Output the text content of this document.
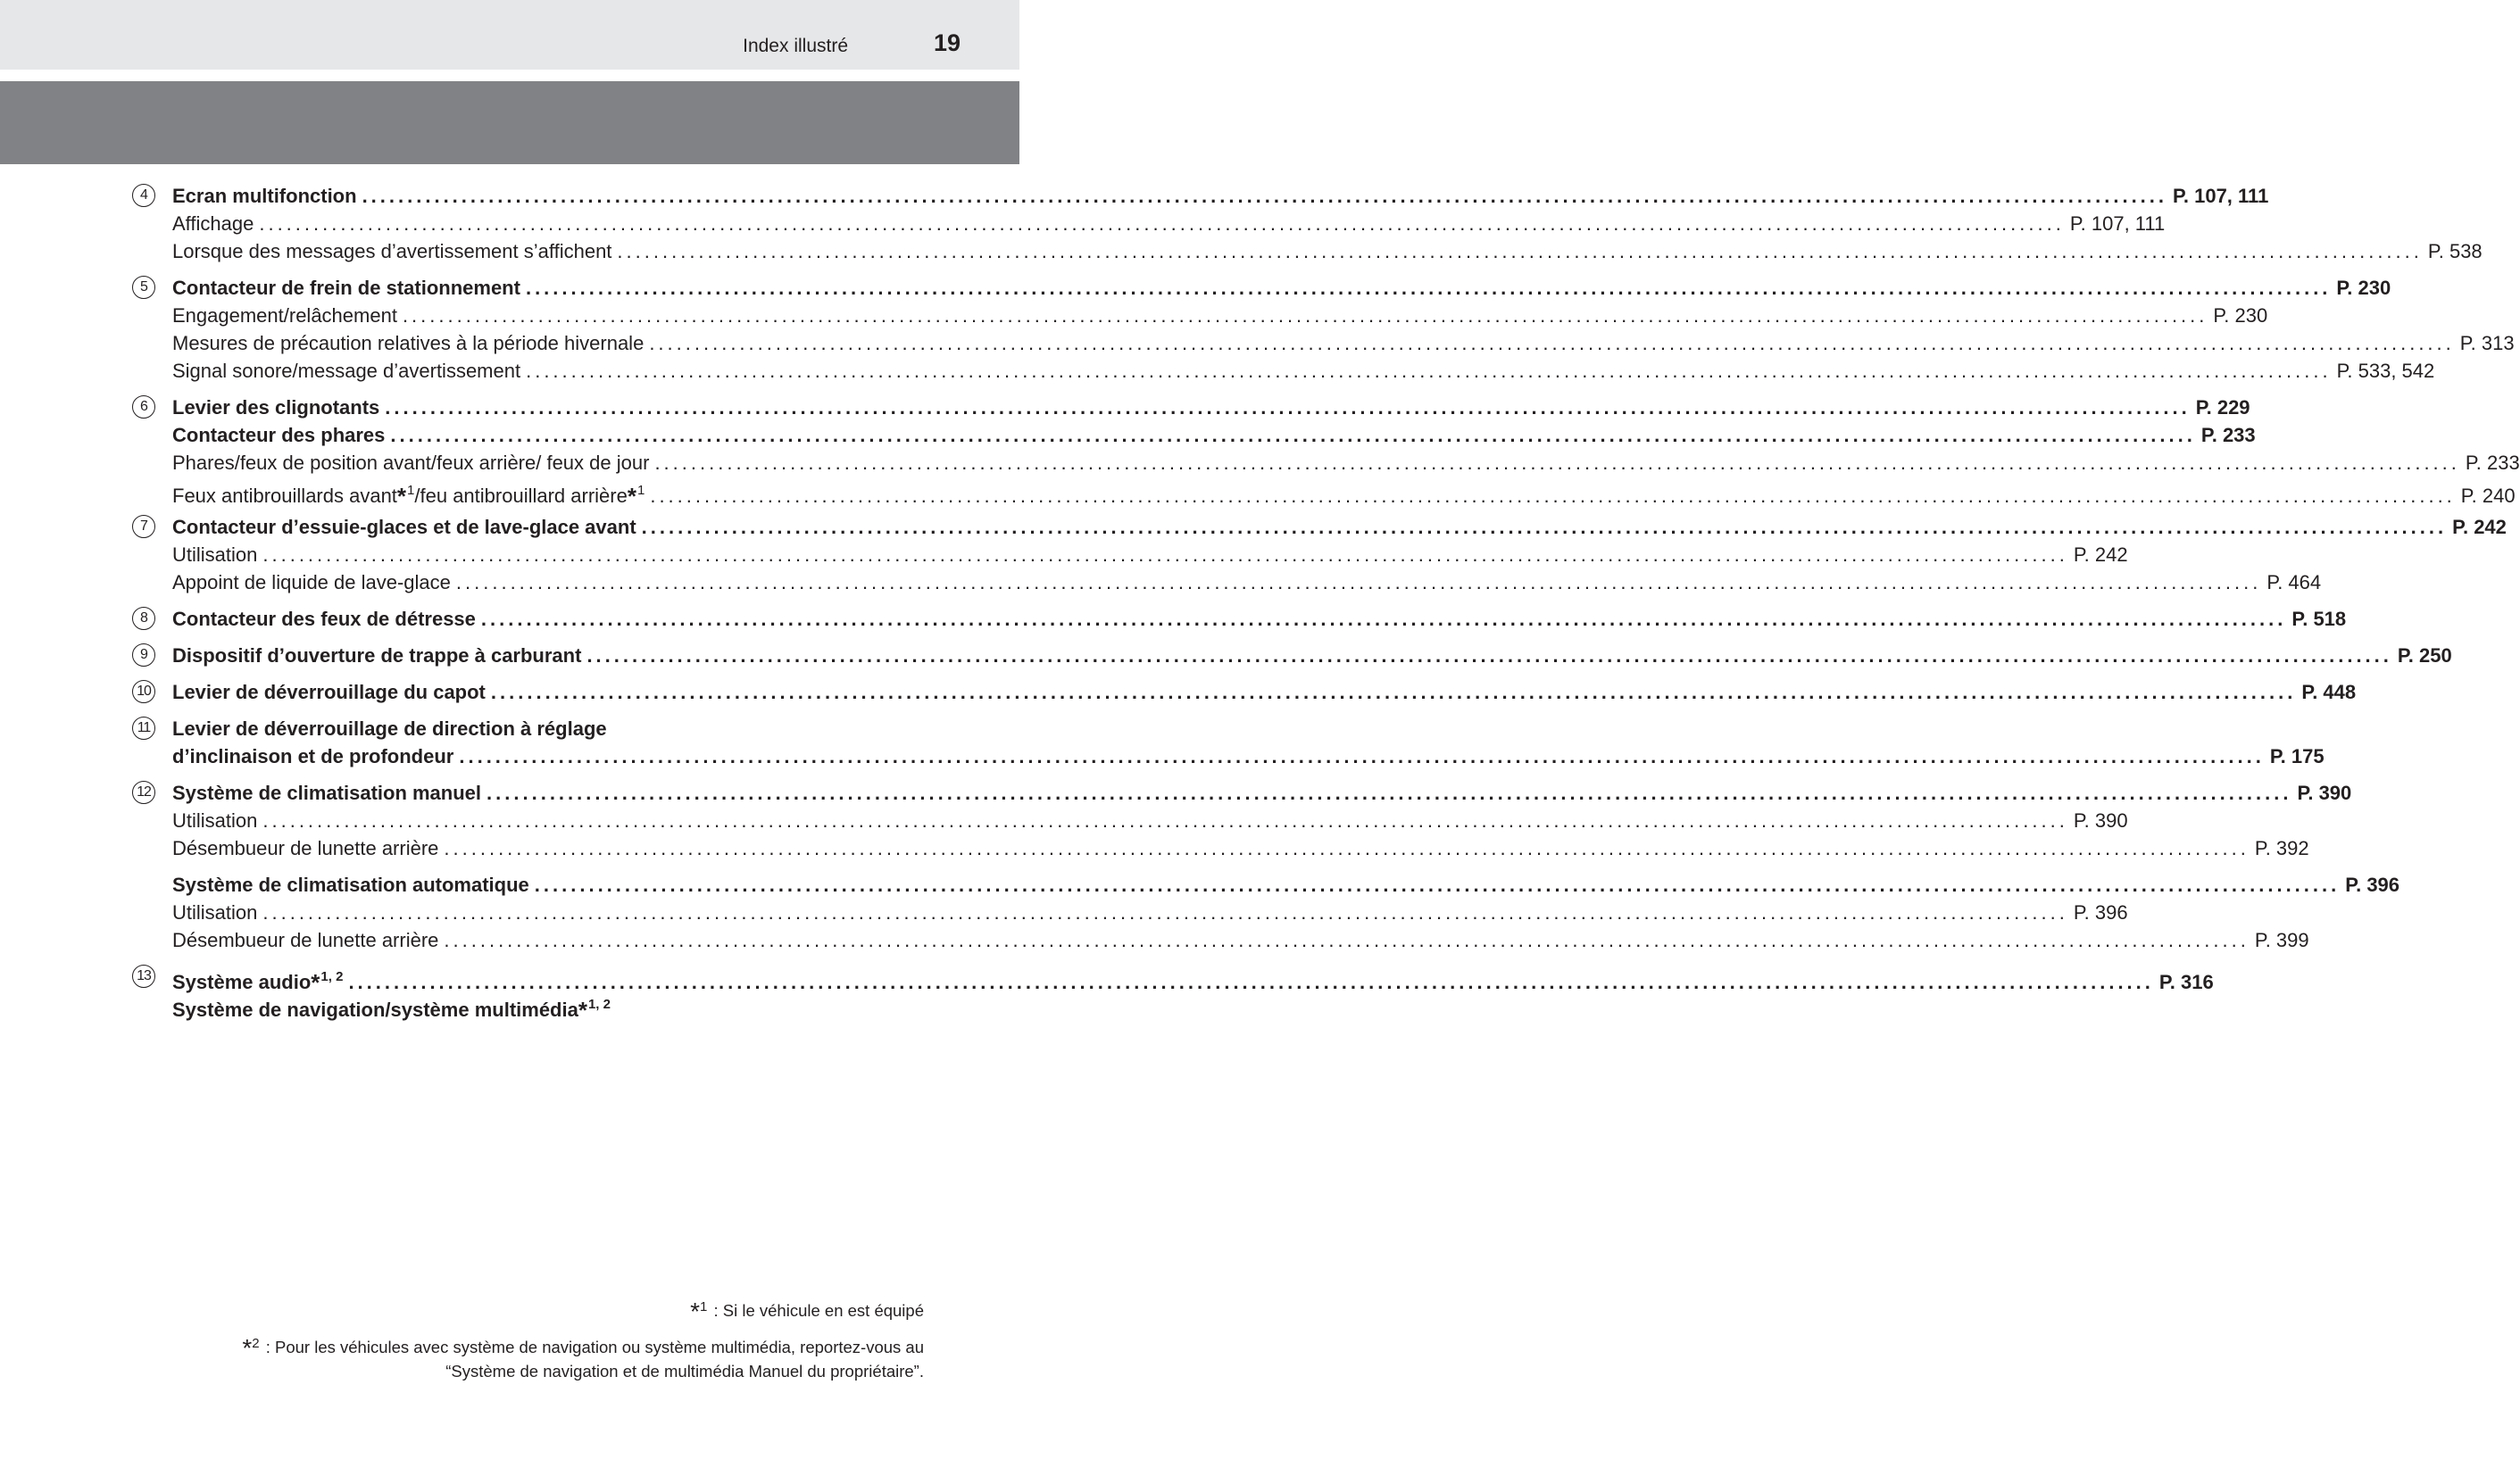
Index illustré	19
4	Ecran multifonction ........................................................................................................................................................................................................ P. 107, 111
Affichage ........................................................................................................................................................................................................ P. 107, 111
Lorsque des messages d’avertissement s’affichent ........................................................................................................................................................................................................ P. 538
5	Contacteur de frein de stationnement ........................................................................................................................................................................................................ P. 230
Engagement/relâchement ........................................................................................................................................................................................................ P. 230
Mesures de précaution relatives à la période hivernale ........................................................................................................................................................................................................ P. 313
Signal sonore/message d’avertissement ........................................................................................................................................................................................................ P. 533, 542
6	Levier des clignotants ........................................................................................................................................................................................................ P. 229
Contacteur des phares ........................................................................................................................................................................................................ P. 233
Phares/feux de position avant/feux arrière/ feux de jour ........................................................................................................................................................................................................ P. 233
Feux antibrouillards avant*$^1$/feu antibrouillard arrière*$^1$ ........................................................................................................................................................................................................ P. 240
7	Contacteur d’essuie-glaces et de lave-glace avant ........................................................................................................................................................................................................ P. 242
Utilisation ........................................................................................................................................................................................................ P. 242
Appoint de liquide de lave-glace ........................................................................................................................................................................................................ P. 464
8	Contacteur des feux de détresse ........................................................................................................................................................................................................ P. 518
9	Dispositif d’ouverture de trappe à carburant ........................................................................................................................................................................................................ P. 250
10 Levier de déverrouillage du capot ........................................................................................................................................................................................................ P. 448
11 Levier de déverrouillage de direction à réglage
d’inclinaison et de profondeur ........................................................................................................................................................................................................ P. 175
12 Système de climatisation manuel ........................................................................................................................................................................................................ P. 390
Utilisation ........................................................................................................................................................................................................ P. 390
Désembueur de lunette arrière ........................................................................................................................................................................................................ P. 392
Système de climatisation automatique ........................................................................................................................................................................................................ P. 396
Utilisation ........................................................................................................................................................................................................ P. 396
Désembueur de lunette arrière ........................................................................................................................................................................................................ P. 399
13 Système audio*$^{1, 2}$ ........................................................................................................................................................................................................ P. 316
Système de navigation/système multimédia*$^{1, 2}$
*$^1$ : Si le véhicule en est équipé
*$^2$ : Pour les véhicules avec système de navigation ou système multimédia, reportez-vous au
“Système de navigation et de multimédia Manuel du propriétaire”.
